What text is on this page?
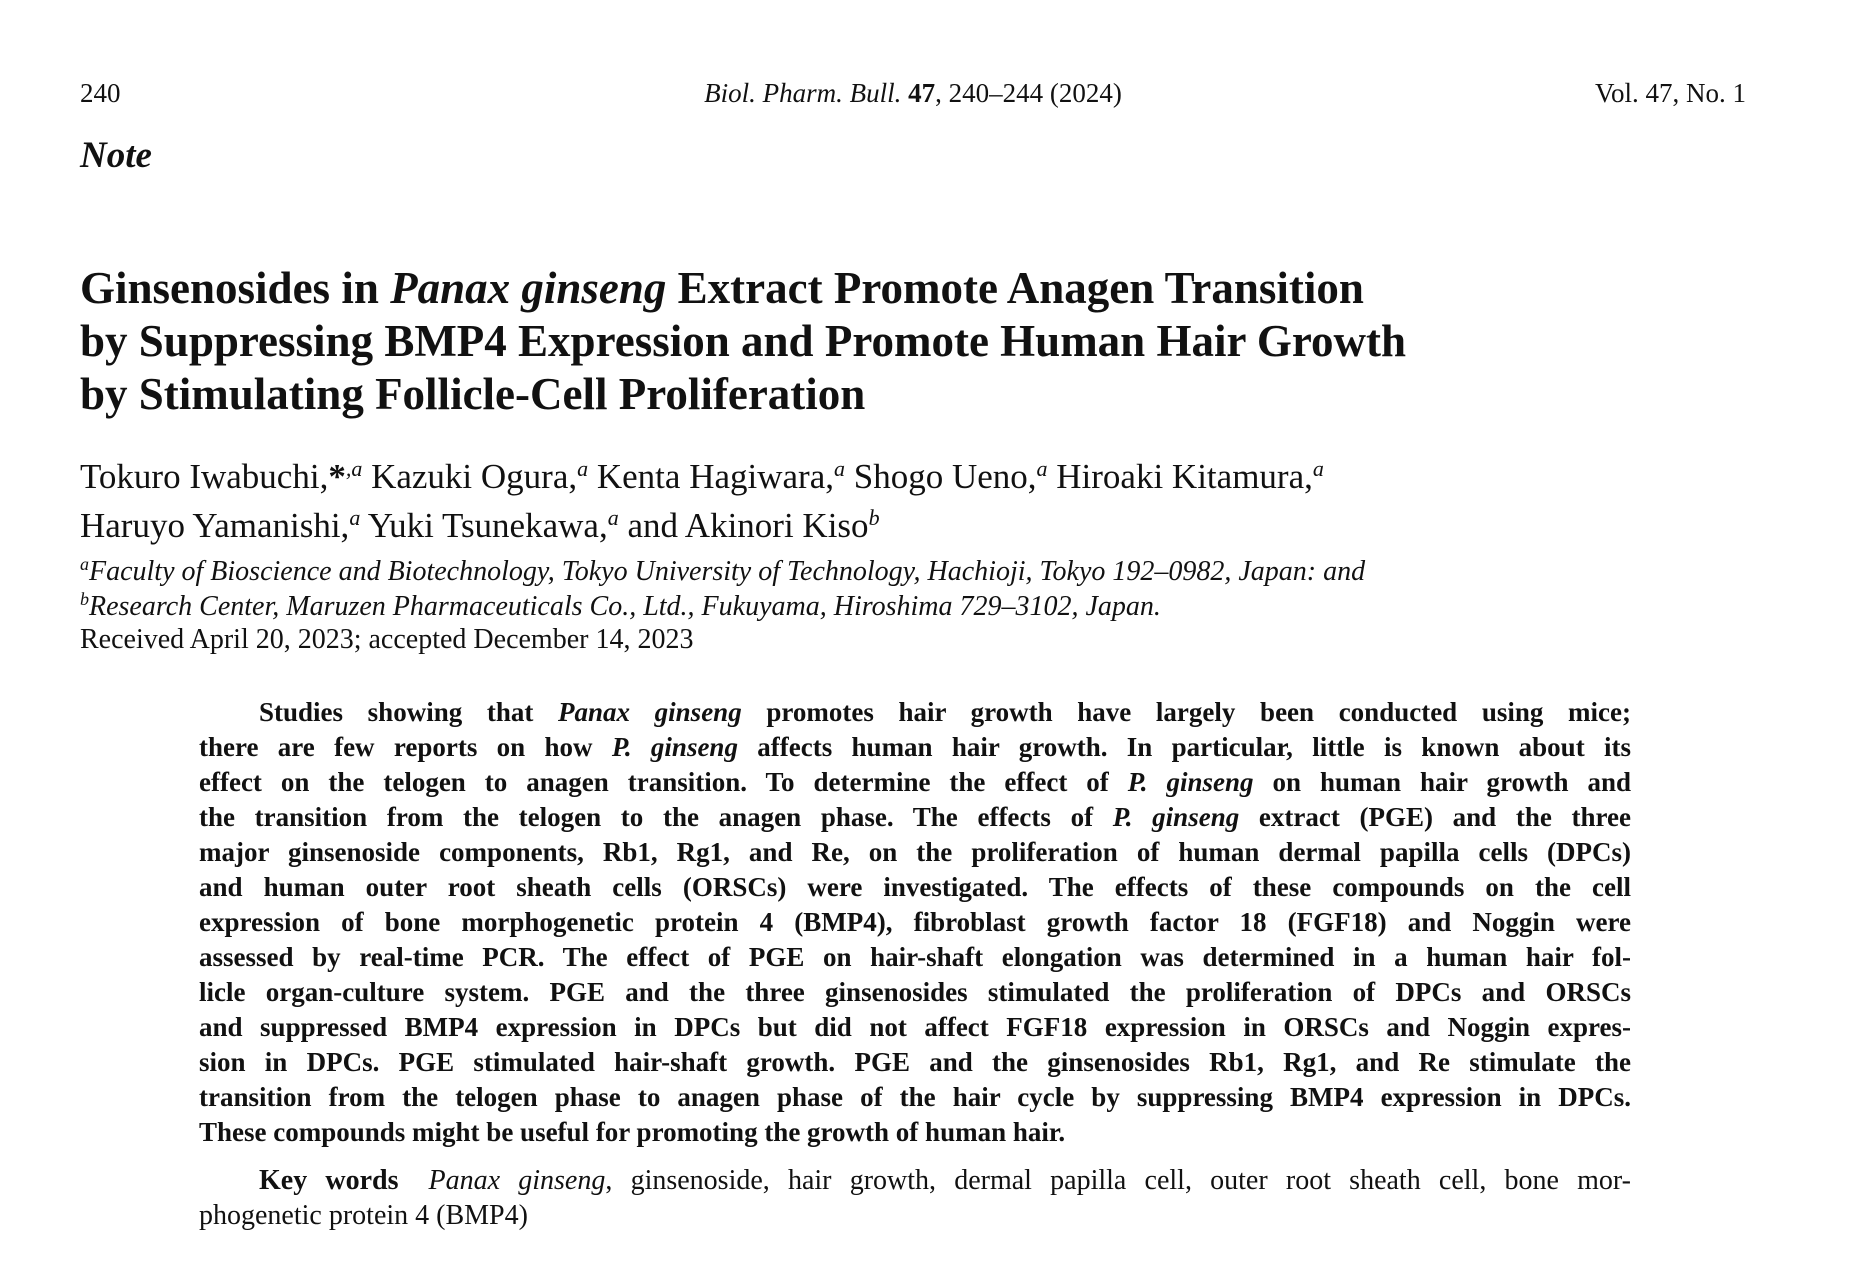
240	Biol. Pharm. Bull. 47, 240–244 (2024)	Vol. 47, No. 1
Note
Ginsenosides in Panax ginseng Extract Promote Anagen Transition
by Suppressing BMP4 Expression and Promote Human Hair Growth
by Stimulating Follicle-Cell Proliferation
Tokuro Iwabuchi,*$^{,a}$ Kazuki Ogura,$^a$ Kenta Hagiwara,$^a$ Shogo Ueno,$^a$ Hiroaki Kitamura,$^a$
Haruyo Yamanishi,$^a$ Yuki Tsunekawa,$^a$ and Akinori Kiso$^b$
$^a$Faculty of Bioscience and Biotechnology, Tokyo University of Technology, Hachioji, Tokyo 192–0982, Japan: and
$^b$Research Center, Maruzen Pharmaceuticals Co., Ltd., Fukuyama, Hiroshima 729–3102, Japan.
Received April 20, 2023; accepted December 14, 2023
Studies showing that Panax ginseng promotes hair growth have largely been conducted using mice;
there are few reports on how P. ginseng affects human hair growth. In particular, little is known about its
effect on the telogen to anagen transition. To determine the effect of P. ginseng on human hair growth and
the transition from the telogen to the anagen phase. The effects of P. ginseng extract (PGE) and the three
major ginsenoside components, Rb1, Rg1, and Re, on the proliferation of human dermal papilla cells (DPCs)
and human outer root sheath cells (ORSCs) were investigated. The effects of these compounds on the cell
expression of bone morphogenetic protein 4 (BMP4), fibroblast growth factor 18 (FGF18) and Noggin were
assessed by real-time PCR. The effect of PGE on hair-shaft elongation was determined in a human hair fol-
licle organ-culture system. PGE and the three ginsenosides stimulated the proliferation of DPCs and ORSCs
and suppressed BMP4 expression in DPCs but did not affect FGF18 expression in ORSCs and Noggin expres-
sion in DPCs. PGE stimulated hair-shaft growth. PGE and the ginsenosides Rb1, Rg1, and Re stimulate the
transition from the telogen phase to anagen phase of the hair cycle by suppressing BMP4 expression in DPCs.
These compounds might be useful for promoting the growth of human hair.
Key words Panax ginseng, ginsenoside, hair growth, dermal papilla cell, outer root sheath cell, bone mor-
phogenetic protein 4 (BMP4)
